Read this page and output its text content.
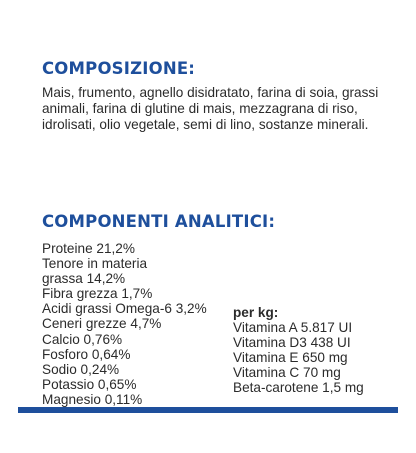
COMPOSIZIONE:

Mais, frumento, agnello disidratato, farina di soia, grassi animali, farina di glutine di mais, mezzagrana di riso, idrolisati, olio vegetale, semi di lino, sostanze minerali.

COMPONENTI ANALITICI:
Proteine 21,2%
Tenore in materia
grassa 14,2%
Fibra grezza 1,7%
Acidi grassi Omega-6 3,2%
Ceneri grezze 4,7%
Calcio 0,76%
Fosforo 0,64%
Sodio 0,24%
Potassio 0,65%
Magnesio 0,11%
per kg:
Vitamina A 5.817 UI
Vitamina D3 438 UI
Vitamina E 650 mg
Vitamina C 70 mg
Beta-carotene 1,5 mg
